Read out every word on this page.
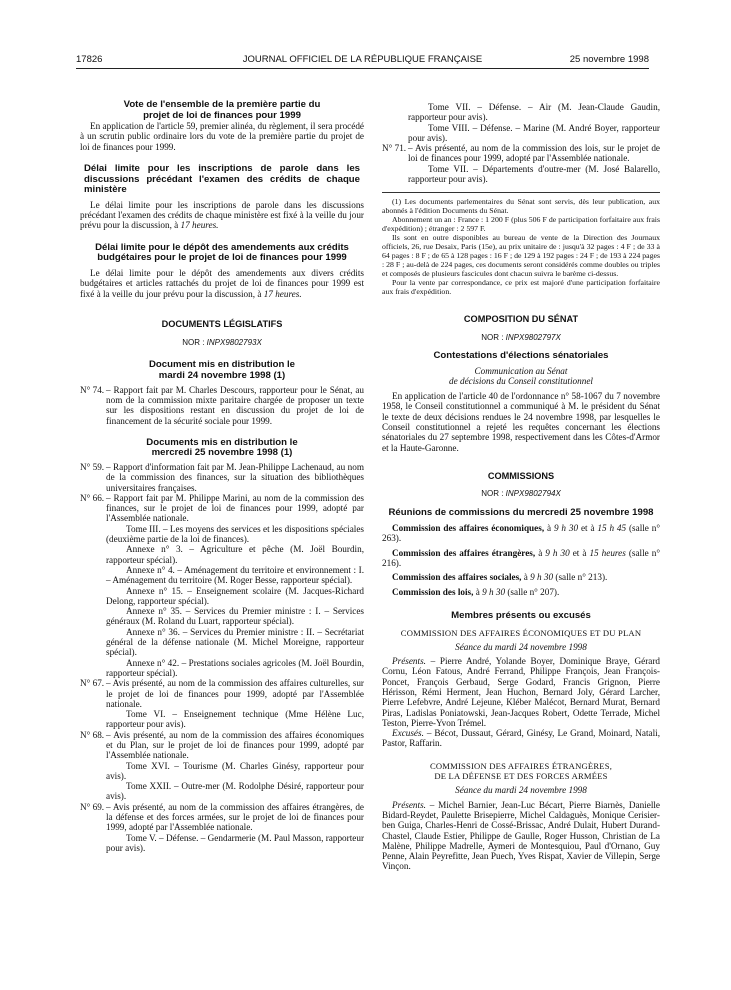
17826	JOURNAL OFFICIEL DE LA RÉPUBLIQUE FRANÇAISE	25 novembre 1998
Vote de l'ensemble de la première partie du projet de loi de finances pour 1999

En application de l'article 59, premier alinéa, du règlement, il sera procédé à un scrutin public ordinaire lors du vote de la première partie du projet de loi de finances pour 1999.

Délai limite pour les inscriptions de parole dans les discussions précédant l'examen des crédits de chaque ministère

Le délai limite pour les inscriptions de parole dans les discussions précédant l'examen des crédits de chaque ministère est fixé à la veille du jour prévu pour la discussion, à 17 heures.

Délai limite pour le dépôt des amendements aux crédits budgétaires pour le projet de loi de finances pour 1999

Le délai limite pour le dépôt des amendements aux divers crédits budgétaires et articles rattachés du projet de loi de finances pour 1999 est fixé à la veille du jour prévu pour la discussion, à 17 heures.

DOCUMENTS LÉGISLATIFS
NOR : INPX9802793X
Document mis en distribution le mardi 24 novembre 1998 (1)
N° 74. – Rapport fait par M. Charles Descours, rapporteur pour le Sénat, au nom de la commission mixte paritaire chargée de proposer un texte sur les dispositions restant en discussion du projet de loi de financement de la sécurité sociale pour 1999.
Documents mis en distribution le mercredi 25 novembre 1998 (1)
N° 59. – Rapport d'information fait par M. Jean-Philippe Lachenaud, au nom de la commission des finances, sur la situation des bibliothèques universitaires françaises.
N° 66. – Rapport fait par M. Philippe Marini, au nom de la commission des finances, sur le projet de loi de finances pour 1999, adopté par l'Assemblée nationale.

Tome III. – Les moyens des services et les dispositions spéciales (deuxième partie de la loi de finances).

Annexe n° 3. – Agriculture et pêche (M. Joël Bourdin, rapporteur spécial).

Annexe n° 4. – Aménagement du territoire et environnement : I. – Aménagement du territoire (M. Roger Besse, rapporteur spécial).

Annexe n° 15. – Enseignement scolaire (M. Jacques-Richard Delong, rapporteur spécial).

Annexe n° 35. – Services du Premier ministre : I. – Services généraux (M. Roland du Luart, rapporteur spécial).

Annexe n° 36. – Services du Premier ministre : II. – Secrétariat général de la défense nationale (M. Michel Moreigne, rapporteur spécial).

Annexe n° 42. – Prestations sociales agricoles (M. Joël Bourdin, rapporteur spécial).

N° 67. – Avis présenté, au nom de la commission des affaires culturelles, sur le projet de loi de finances pour 1999, adopté par l'Assemblée nationale.

Tome VI. – Enseignement technique (Mme Hélène Luc, rapporteur pour avis).

N° 68. – Avis présenté, au nom de la commission des affaires économiques et du Plan, sur le projet de loi de finances pour 1999, adopté par l'Assemblée nationale.

Tome XVI. – Tourisme (M. Charles Ginésy, rapporteur pour avis).

Tome XXII. – Outre-mer (M. Rodolphe Désiré, rapporteur pour avis).

N° 69. – Avis présenté, au nom de la commission des affaires étrangères, de la défense et des forces armées, sur le projet de loi de finances pour 1999, adopté par l'Assemblée nationale.

Tome V. – Défense. – Gendarmerie (M. Paul Masson, rapporteur pour avis).

Tome VII. – Défense. – Air (M. Jean-Claude Gaudin, rapporteur pour avis).

Tome VIII. – Défense. – Marine (M. André Boyer, rapporteur pour avis).

N° 71. – Avis présenté, au nom de la commission des lois, sur le projet de loi de finances pour 1999, adopté par l'Assemblée nationale.

Tome VII. – Départements d'outre-mer (M. José Balarello, rapporteur pour avis).

(1) Les documents parlementaires du Sénat sont servis, dès leur publication, aux abonnés à l'édition Documents du Sénat.

Abonnement un an : France : 1 200 F (plus 506 F de participation forfaitaire aux frais d'expédition) ; étranger : 2 597 F.

Ils sont en outre disponibles au bureau de vente de la Direction des Journaux officiels, 26, rue Desaix, Paris (15e), au prix unitaire de : jusqu'à 32 pages : 4 F ; de 33 à 64 pages : 8 F ; de 65 à 128 pages : 16 F ; de 129 à 192 pages : 24 F ; de 193 à 224 pages : 28 F ; au-delà de 224 pages, ces documents seront considérés comme doubles ou triples et composés de plusieurs fascicules dont chacun suivra le barème ci-dessus.

Pour la vente par correspondance, ce prix est majoré d'une participation forfaitaire aux frais d'expédition.

COMPOSITION DU SÉNAT
NOR : INPX9802797X
Contestations d'élections sénatoriales
Communication au Sénat
de décisions du Conseil constitutionnel

En application de l'article 40 de l'ordonnance n° 58-1067 du 7 novembre 1958, le Conseil constitutionnel a communiqué à M. le président du Sénat le texte de deux décisions rendues le 24 novembre 1998, par lesquelles le Conseil constitutionnel a rejeté les requêtes concernant les élections sénatoriales du 27 septembre 1998, respectivement dans les Côtes-d'Armor et la Haute-Garonne.

COMMISSIONS
NOR : INPX9802794X
Réunions de commissions du mercredi 25 novembre 1998

Commission des affaires économiques, à 9 h 30 et à 15 h 45 (salle n° 263).

Commission des affaires étrangères, à 9 h 30 et à 15 heures (salle n° 216).

Commission des affaires sociales, à 9 h 30 (salle n° 213).

Commission des lois, à 9 h 30 (salle n° 207).

Membres présents ou excusés
COMMISSION DES AFFAIRES ÉCONOMIQUES ET DU PLAN
Séance du mardi 24 novembre 1998

Présents. – Pierre André, Yolande Boyer, Dominique Braye, Gérard Cornu, Léon Fatous, André Ferrand, Philippe François, Jean François-Poncet, François Gerbaud, Serge Godard, Francis Grignon, Pierre Hérisson, Rémi Herment, Jean Huchon, Bernard Joly, Gérard Larcher, Pierre Lefebvre, André Lejeune, Kléber Malécot, Bernard Murat, Bernard Piras, Ladislas Poniatowski, Jean-Jacques Robert, Odette Terrade, Michel Teston, Pierre-Yvon Trémel.

Excusés. – Bécot, Dussaut, Gérard, Ginésy, Le Grand, Moinard, Natali, Pastor, Raffarin.

COMMISSION DES AFFAIRES ÉTRANGÈRES,
DE LA DÉFENSE ET DES FORCES ARMÉES
Séance du mardi 24 novembre 1998

Présents. – Michel Barnier, Jean-Luc Bécart, Pierre Biarnès, Danielle Bidard-Reydet, Paulette Brisepierre, Michel Caldaguès, Monique Cerisier-ben Guiga, Charles-Henri de Cossé-Brissac, André Dulait, Hubert Durand-Chastel, Claude Estier, Philippe de Gaulle, Roger Husson, Christian de La Malène, Philippe Madrelle, Aymeri de Montesquiou, Paul d'Ornano, Guy Penne, Alain Peyrefitte, Jean Puech, Yves Rispat, Xavier de Villepin, Serge Vinçon.
